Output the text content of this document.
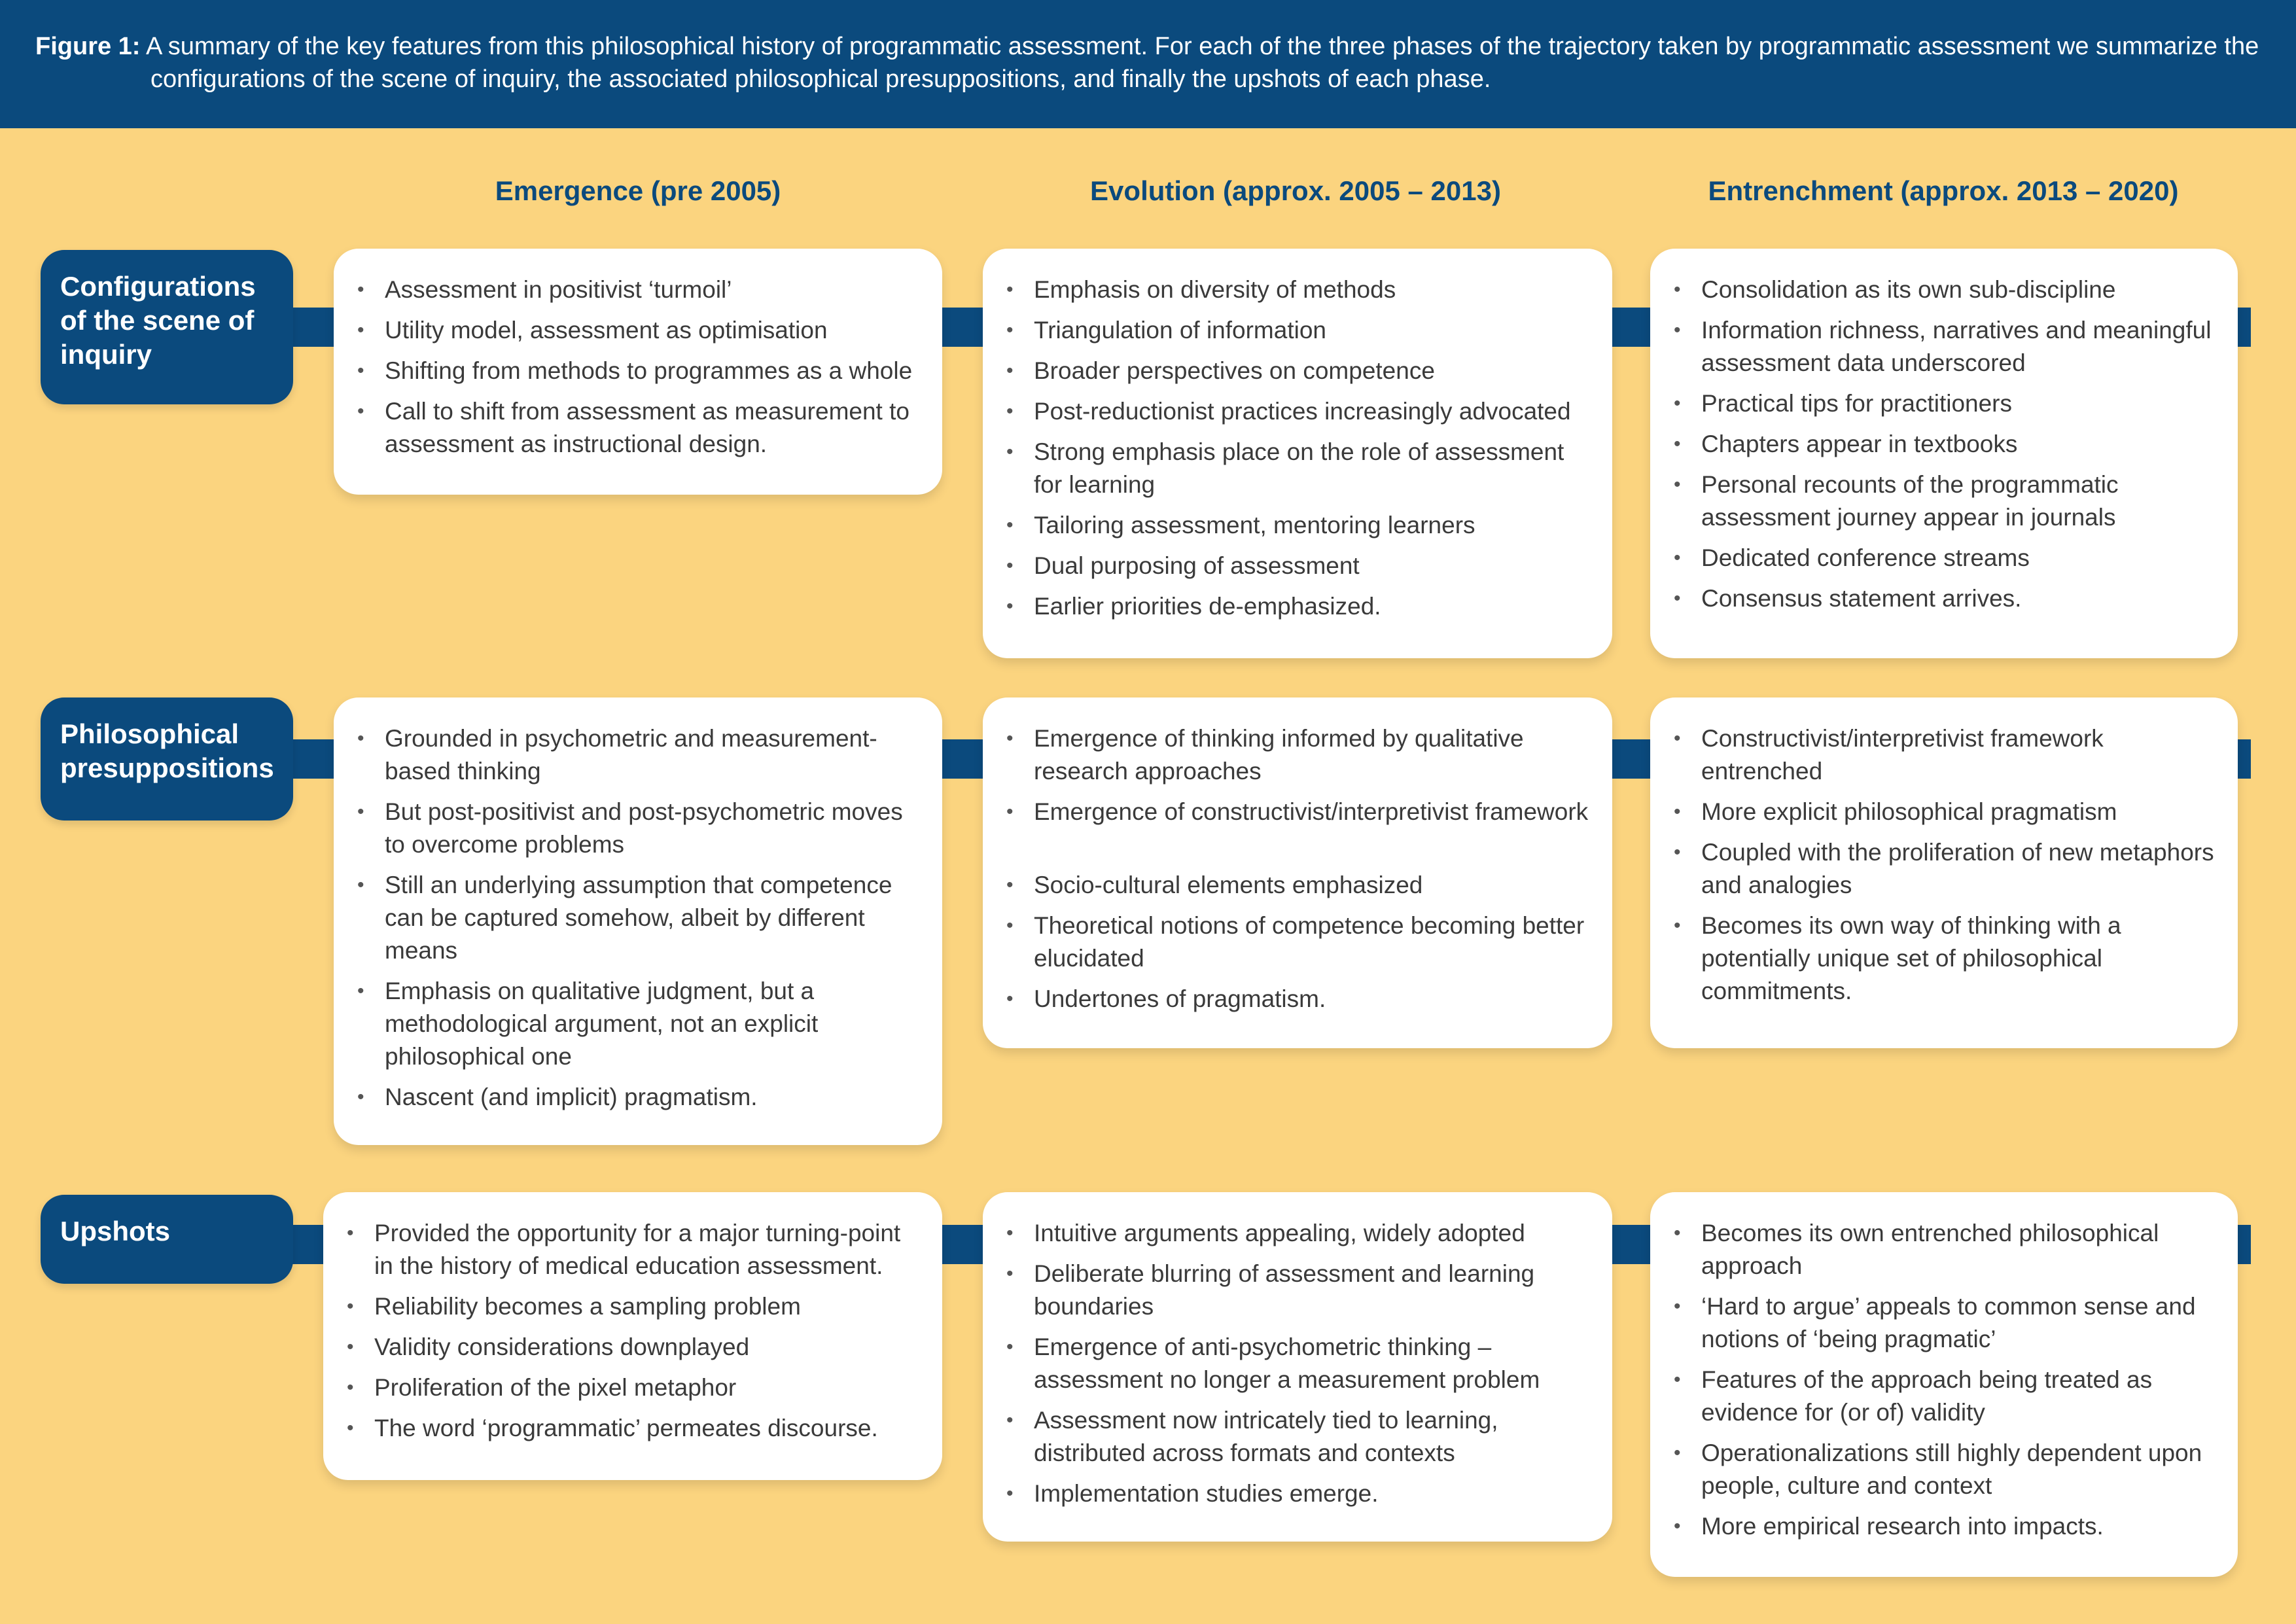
Figure 1: A summary of the key features from this philosophical history of programmatic assessment. For each of the three phases of the trajectory taken by programmatic assessment we summarize the configurations of the scene of inquiry, the associated philosophical presuppositions, and finally the upshots of each phase.
Emergence (pre 2005)	Evolution (approx. 2005 – 2013)	Entrenchment (approx. 2013 – 2020)
Configurations of the scene of inquiry
Philosophical presuppositions
Upshots
• Assessment in positivist ‘turmoil’
• Utility model, assessment as optimisation
• Shifting from methods to programmes as a whole
• Call to shift from assessment as measurement to assessment as instructional design.
• Emphasis on diversity of methods
• Triangulation of information
• Broader perspectives on competence
• Post-reductionist practices increasingly advocated
• Strong emphasis place on the role of assessment for learning
• Tailoring assessment, mentoring learners
• Dual purposing of assessment
• Earlier priorities de-emphasized.
• Consolidation as its own sub-discipline
• Information richness, narratives and meaningful assessment data underscored
• Practical tips for practitioners
• Chapters appear in textbooks
• Personal recounts of the programmatic assessment journey appear in journals
• Dedicated conference streams
• Consensus statement arrives.
• Grounded in psychometric and measurement-based thinking
• But post-positivist and post-psychometric moves to overcome problems
• Still an underlying assumption that competence can be captured somehow, albeit by different means
• Emphasis on qualitative judgment, but a methodological argument, not an explicit philosophical one
• Nascent (and implicit) pragmatism.
• Emergence of thinking informed by qualitative research approaches
• Emergence of constructivist/interpretivist framework
• Socio-cultural elements emphasized
• Theoretical notions of competence becoming better elucidated
• Undertones of pragmatism.
• Constructivist/interpretivist framework entrenched
• More explicit philosophical pragmatism
• Coupled with the proliferation of new metaphors and analogies
• Becomes its own way of thinking with a potentially unique set of philosophical commitments.
• Provided the opportunity for a major turning-point in the history of medical education assessment.
• Reliability becomes a sampling problem
• Validity considerations downplayed
• Proliferation of the pixel metaphor
• The word ‘programmatic’ permeates discourse.
• Intuitive arguments appealing, widely adopted
• Deliberate blurring of assessment and learning boundaries
• Emergence of anti-psychometric thinking – assessment no longer a measurement problem
• Assessment now intricately tied to learning, distributed across formats and contexts
• Implementation studies emerge.
• Becomes its own entrenched philosophical approach
• ‘Hard to argue’ appeals to common sense and notions of ‘being pragmatic’
• Features of the approach being treated as evidence for (or of) validity
• Operationalizations still highly dependent upon people, culture and context
• More empirical research into impacts.
